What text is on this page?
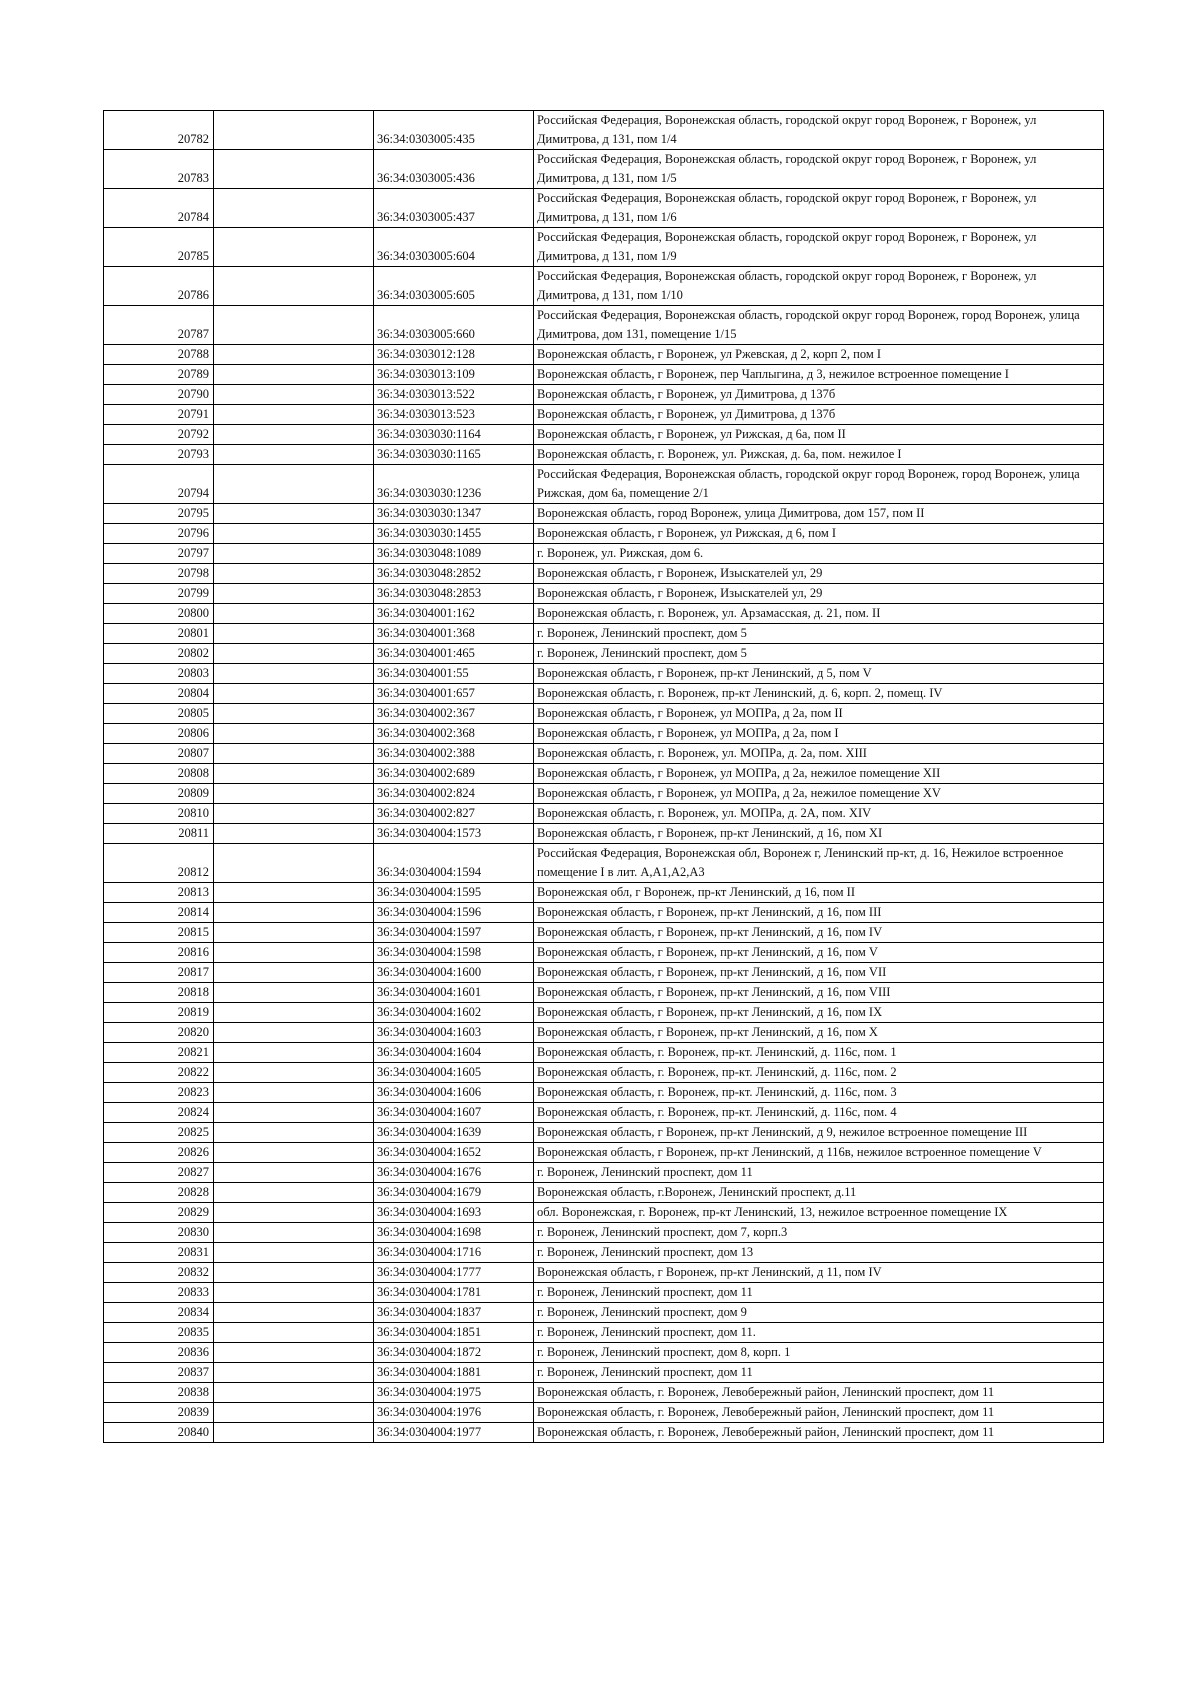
20782		36:34:0303005:435	Российская Федерация, Воронежская область, городской округ город Воронеж, г Воронеж, ул Димитрова, д 131, пом 1/4
20783		36:34:0303005:436	Российская Федерация, Воронежская область, городской округ город Воронеж, г Воронеж, ул Димитрова, д 131, пом 1/5
20784		36:34:0303005:437	Российская Федерация, Воронежская область, городской округ город Воронеж, г Воронеж, ул Димитрова, д 131, пом 1/6
20785		36:34:0303005:604	Российская Федерация, Воронежская область, городской округ город Воронеж, г Воронеж, ул Димитрова, д 131, пом 1/9
20786		36:34:0303005:605	Российская Федерация, Воронежская область, городской округ город Воронеж, г Воронеж, ул Димитрова, д 131, пом 1/10
20787		36:34:0303005:660	Российская Федерация, Воронежская область, городской округ город Воронеж, город Воронеж, улица Димитрова, дом 131, помещение 1/15
20788		36:34:0303012:128	Воронежская область, г Воронеж, ул Ржевская, д 2, корп 2, пом I
20789		36:34:0303013:109	Воронежская область, г Воронеж, пер Чаплыгина, д 3, нежилое встроенное помещение I
20790		36:34:0303013:522	Воронежская область, г Воронеж, ул Димитрова, д 137б
20791		36:34:0303013:523	Воронежская область, г Воронеж, ул Димитрова, д 137б
20792		36:34:0303030:1164	Воронежская область, г Воронеж, ул Рижская, д 6а, пом II
20793		36:34:0303030:1165	Воронежская область, г. Воронеж, ул. Рижская, д. 6а, пом. нежилое I
20794		36:34:0303030:1236	Российская Федерация, Воронежская область, городской округ город Воронеж, город Воронеж, улица Рижская, дом 6а, помещение 2/1
20795		36:34:0303030:1347	Воронежская область, город Воронеж, улица Димитрова, дом 157, пом II
20796		36:34:0303030:1455	Воронежская область, г Воронеж, ул Рижская, д 6, пом I
20797		36:34:0303048:1089	г. Воронеж, ул. Рижская, дом 6.
20798		36:34:0303048:2852	Воронежская область, г Воронеж, Изыскателей ул, 29
20799		36:34:0303048:2853	Воронежская область, г Воронеж, Изыскателей ул, 29
20800		36:34:0304001:162	Воронежская область, г. Воронеж, ул. Арзамасская, д. 21, пом. II
20801		36:34:0304001:368	г. Воронеж, Ленинский проспект, дом 5
20802		36:34:0304001:465	г. Воронеж, Ленинский проспект, дом 5
20803		36:34:0304001:55	Воронежская область, г Воронеж, пр-кт Ленинский, д 5, пом V
20804		36:34:0304001:657	Воронежская область, г. Воронеж, пр-кт Ленинский, д. 6, корп. 2, помещ. IV
20805		36:34:0304002:367	Воронежская область, г Воронеж, ул МОПРа, д 2а, пом II
20806		36:34:0304002:368	Воронежская область, г Воронеж, ул МОПРа, д 2а, пом I
20807		36:34:0304002:388	Воронежская область, г. Воронеж, ул. МОПРа, д. 2а, пом. XIII
20808		36:34:0304002:689	Воронежская область, г Воронеж, ул МОПРа, д 2а, нежилое помещение XII
20809		36:34:0304002:824	Воронежская область, г Воронеж, ул МОПРа, д 2а, нежилое помещение XV
20810		36:34:0304002:827	Воронежская область, г. Воронеж, ул. МОПРа, д. 2А, пом. XIV
20811		36:34:0304004:1573	Воронежская область, г Воронеж, пр-кт Ленинский, д 16, пом XI
20812		36:34:0304004:1594	Российская Федерация, Воронежская обл, Воронеж г, Ленинский пр-кт, д. 16, Нежилое встроенное помещение I в лит. А,А1,А2,А3
20813		36:34:0304004:1595	Воронежская обл, г Воронеж, пр-кт Ленинский, д 16, пом II
20814		36:34:0304004:1596	Воронежская область, г Воронеж, пр-кт Ленинский, д 16, пом III
20815		36:34:0304004:1597	Воронежская область, г Воронеж, пр-кт Ленинский, д 16, пом IV
20816		36:34:0304004:1598	Воронежская область, г Воронеж, пр-кт Ленинский, д 16, пом V
20817		36:34:0304004:1600	Воронежская область, г Воронеж, пр-кт Ленинский, д 16, пом VII
20818		36:34:0304004:1601	Воронежская область, г Воронеж, пр-кт Ленинский, д 16, пом VIII
20819		36:34:0304004:1602	Воронежская область, г Воронеж, пр-кт Ленинский, д 16, пом IX
20820		36:34:0304004:1603	Воронежская область, г Воронеж, пр-кт Ленинский, д 16, пом X
20821		36:34:0304004:1604	Воронежская область, г. Воронеж, пр-кт. Ленинский, д. 116с, пом. 1
20822		36:34:0304004:1605	Воронежская область, г. Воронеж, пр-кт. Ленинский, д. 116с, пом. 2
20823		36:34:0304004:1606	Воронежская область, г. Воронеж, пр-кт. Ленинский, д. 116с, пом. 3
20824		36:34:0304004:1607	Воронежская область, г. Воронеж, пр-кт. Ленинский, д. 116с, пом. 4
20825		36:34:0304004:1639	Воронежская область, г Воронеж, пр-кт Ленинский, д 9, нежилое встроенное помещение III
20826		36:34:0304004:1652	Воронежская область, г Воронеж, пр-кт Ленинский, д 116в, нежилое встроенное помещение V
20827		36:34:0304004:1676	г. Воронеж, Ленинский проспект, дом 11
20828		36:34:0304004:1679	Воронежская область, г.Воронеж, Ленинский проспект, д.11
20829		36:34:0304004:1693	обл. Воронежская, г. Воронеж, пр-кт Ленинский, 13, нежилое встроенное помещение IX
20830		36:34:0304004:1698	г. Воронеж, Ленинский проспект, дом 7, корп.3
20831		36:34:0304004:1716	г. Воронеж, Ленинский проспект, дом 13
20832		36:34:0304004:1777	Воронежская область, г Воронеж, пр-кт Ленинский, д 11, пом IV
20833		36:34:0304004:1781	г. Воронеж, Ленинский проспект, дом 11
20834		36:34:0304004:1837	г. Воронеж, Ленинский проспект, дом 9
20835		36:34:0304004:1851	г. Воронеж, Ленинский проспект, дом 11.
20836		36:34:0304004:1872	г. Воронеж, Ленинский проспект, дом 8, корп. 1
20837		36:34:0304004:1881	г. Воронеж, Ленинский проспект, дом 11
20838		36:34:0304004:1975	Воронежская область, г. Воронеж, Левобережный район, Ленинский проспект, дом 11
20839		36:34:0304004:1976	Воронежская область, г. Воронеж, Левобережный район, Ленинский проспект, дом 11
20840		36:34:0304004:1977	Воронежская область, г. Воронеж, Левобережный район, Ленинский проспект, дом 11
